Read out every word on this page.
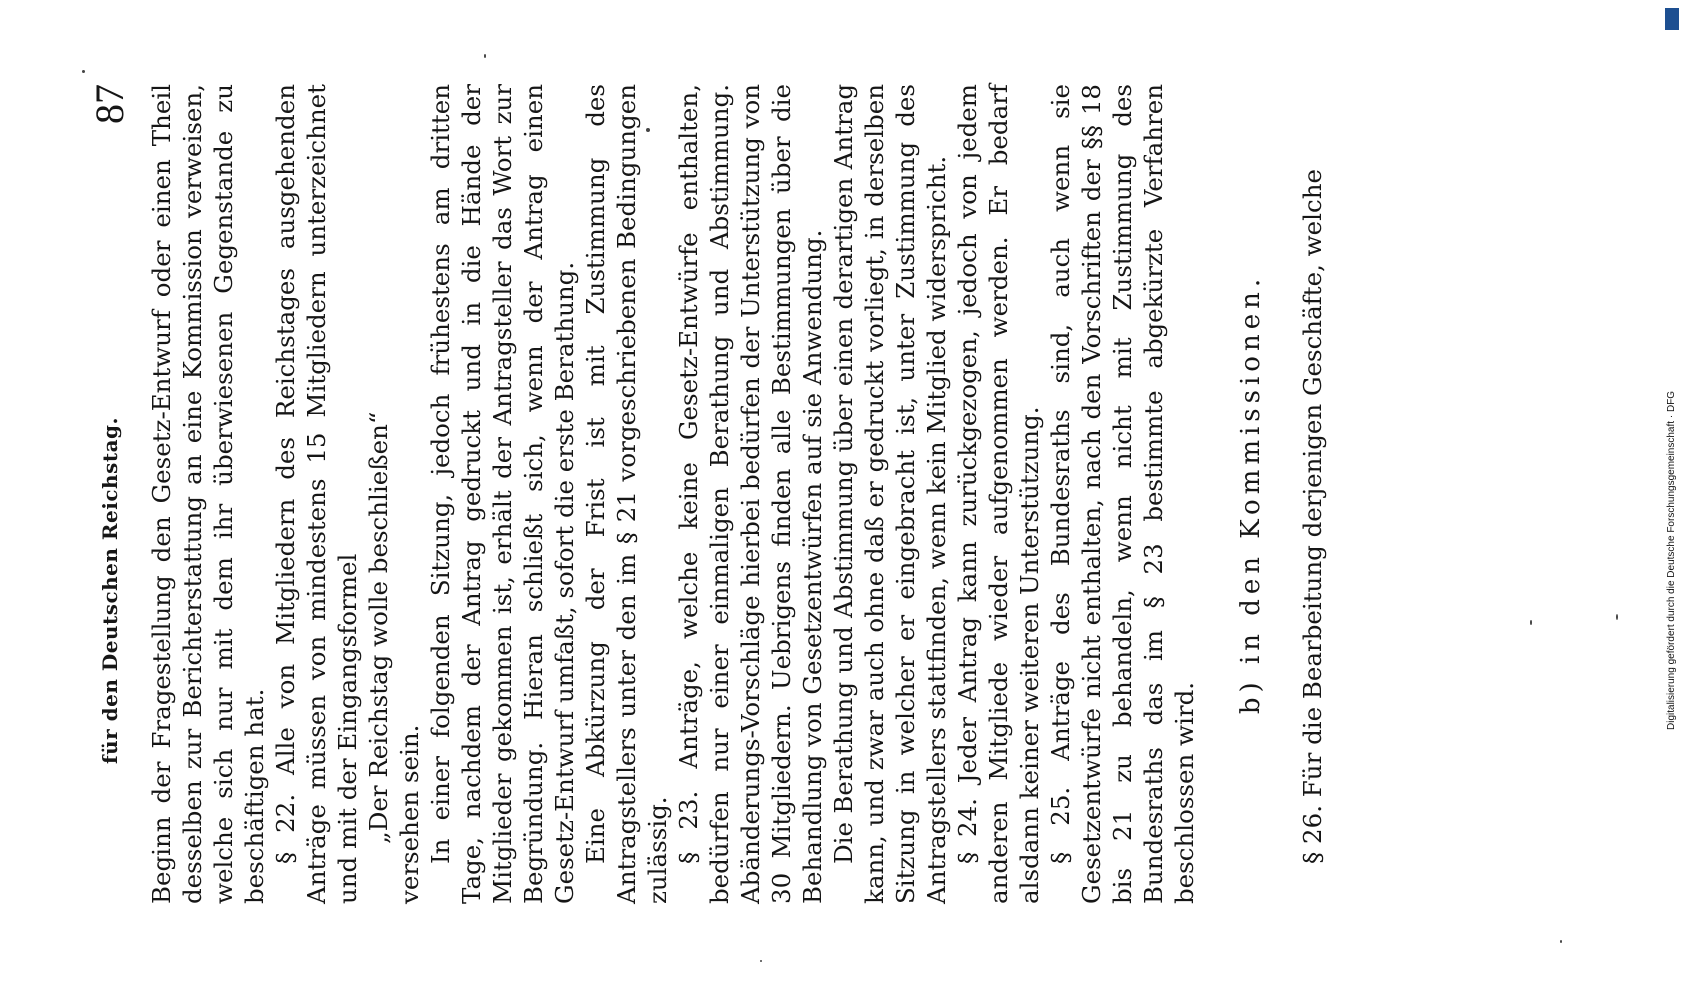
für den Deutschen Reichstag.
87 Beginn der Fragestellung den Gesetz-Entwurf oder einen Theil desselben zur Berichterstattung an eine Kommission verweisen, welche sich nur mit dem ihr überwiesenen Gegenstande zu beschäftigen hat. § 22. Alle von Mitgliedern des Reichstages ausgehenden Anträge müssen von mindestens 15 Mitgliedern unterzeichnet und mit der Eingangsformel „Der Reichstag wolle beschließen“ versehen sein. In einer folgenden Sitzung, jedoch frühestens am dritten Tage, nachdem der Antrag gedruckt und in die Hände der Mitglieder gekommen ist, erhält der Antragsteller das Wort zur Begründung. Hieran schließt sich, wenn der Antrag einen Gesetz-Entwurf umfaßt, sofort die erste Berathung. Eine Abkürzung der Frist ist mit Zustimmung des Antragstellers unter den im § 21 vorgeschriebenen Bedingungen zulässig. § 23. Anträge, welche keine Gesetz-Entwürfe enthalten, bedürfen nur einer einmaligen Berathung und Abstimmung. Abänderungs-Vorschläge hierbei bedürfen der Unterstützung von 30 Mitgliedern. Uebrigens finden alle Bestimmungen über die Behandlung von Gesetzentwürfen auf sie Anwendung. Die Berathung und Abstimmung über einen derartigen Antrag kann, und zwar auch ohne daß er gedruckt vorliegt, in derselben Sitzung in welcher er eingebracht ist, unter Zustimmung des Antragstellers stattfinden, wenn kein Mitglied widerspricht. § 24. Jeder Antrag kann zurückgezogen, jedoch von jedem anderen Mitgliede wieder aufgenommen werden. Er bedarf alsdann keiner weiteren Unterstützung. § 25. Anträge des Bundesraths sind, auch wenn sie Gesetzentwürfe nicht enthalten, nach den Vorschriften der §§ 18 bis 21 zu behandeln, wenn nicht mit Zustimmung des Bundesraths das im § 23 bestimmte abgekürzte Verfahren beschlossen wird.

b) in den Kommissionen. § 26. Für die Bearbeitung derjenigen Geschäfte, welche	Digitalisierung gefördert durch die Deutsche Forschungsgemeinschaft · DFG
